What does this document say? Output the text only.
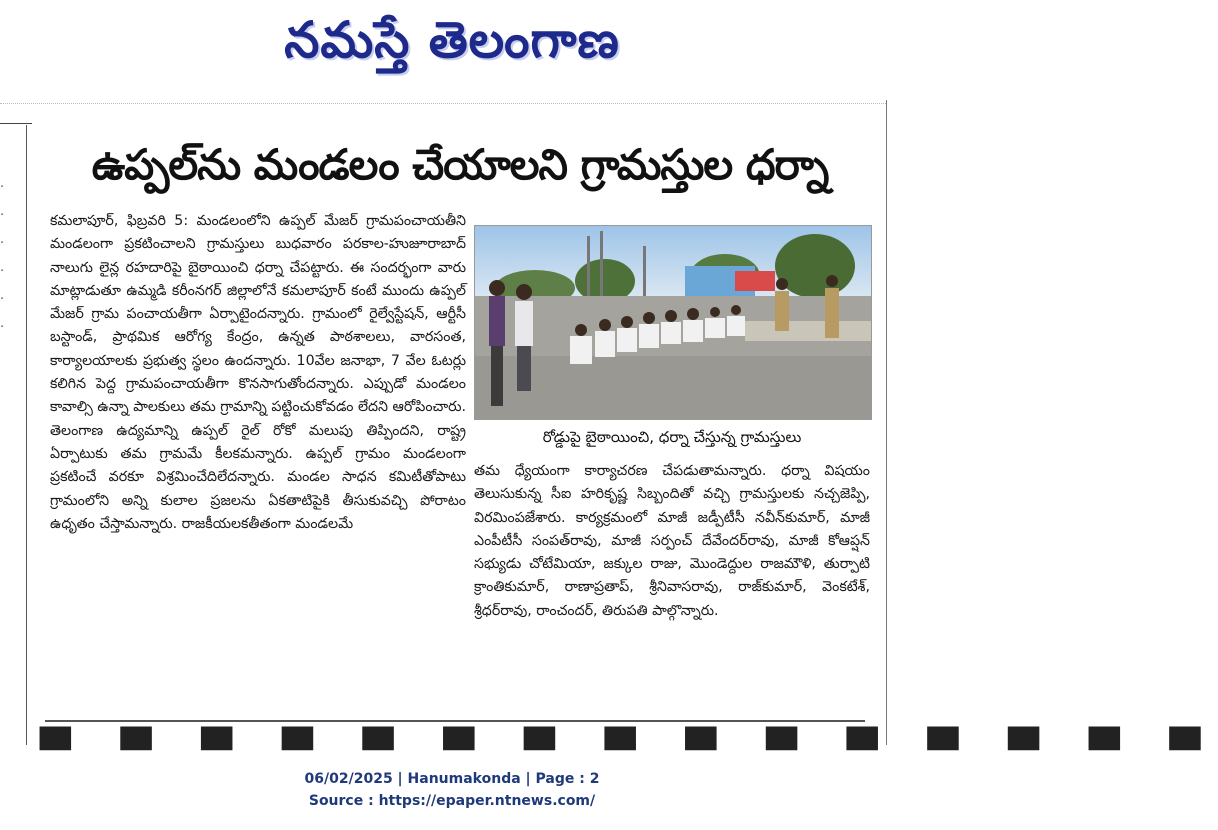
నమస్తే తెలంగాణ
·
·
·
·
·
·
ఉప్పల్‌ను మండలం చేయాలని గ్రామస్తుల ధర్నా
కమలాపూర్, ఫిబ్రవరి 5: మండలంలోని ఉప్పల్ మేజర్ గ్రామపంచాయతీని మండలంగా ప్రకటించాలని గ్రామస్తులు బుధవారం పరకాల-హుజూరాబాద్ నాలుగు లైన్ల రహదారిపై బైఠాయించి ధర్నా చేపట్టారు. ఈ సందర్భంగా వారు మాట్లాడుతూ ఉమ్మడి కరీంనగర్ జిల్లాలోనే కమలాపూర్ కంటే ముందు ఉప్పల్ మేజర్ గ్రామ పంచాయతీగా ఏర్పాటైందన్నారు. గ్రామంలో రైల్వేస్టేషన్, ఆర్టీసీ బస్టాండ్, ప్రాథమిక ఆరోగ్య కేంద్రం, ఉన్నత పాఠశాలలు, వారసంత, కార్యాలయాలకు ప్రభుత్వ స్థలం ఉందన్నారు. 10వేల జనాభా, 7 వేల ఓటర్లు కలిగిన పెద్ద గ్రామపంచాయతీగా కొనసాగుతోందన్నారు. ఎప్పుడో మండలం కావాల్సి ఉన్నా పాలకులు తమ గ్రామాన్ని పట్టించుకోవడం లేదని ఆరోపించారు. తెలంగాణ ఉద్యమాన్ని ఉప్పల్ రైల్ రోకో మలుపు తిప్పిందని, రాష్ట్ర ఏర్పాటుకు తమ గ్రామమే కీలకమన్నారు. ఉప్పల్ గ్రామం మండలంగా ప్రకటించే వరకూ విశ్రమించేదిలేదన్నారు. మండల సాధన కమిటీతోపాటు గ్రామంలోని అన్ని కులాల ప్రజలను ఏకతాటిపైకి తీసుకువచ్చి పోరాటం ఉధృతం చేస్తామన్నారు. రాజకీయలకతీతంగా మండలమే
రోడ్డుపై బైఠాయించి, ధర్నా చేస్తున్న గ్రామస్తులు
తమ ధ్యేయంగా కార్యాచరణ చేపడుతామన్నారు. ధర్నా విషయం తెలుసుకున్న సీఐ హరికృష్ణ సిబ్బందితో వచ్చి గ్రామస్తులకు నచ్చజెప్పి, విరమింపజేశారు. కార్యక్రమంలో మాజీ జడ్పీటీసీ నవీన్‌కుమార్, మాజీ ఎంపీటీసీ సంపత్‌రావు, మాజీ సర్పంచ్ దేవేందర్‌రావు, మాజీ కోఆప్షన్ సభ్యుడు చోటేమియా, జక్కుల రాజు, మొండెద్దుల రాజమౌళి, తుర్పాటి క్రాంతికుమార్, రాణాప్రతాప్, శ్రీనివాసరావు, రాజ్‌కుమార్, వెంకటేశ్, శ్రీధర్‌రావు, రాంచందర్, తిరుపతి పాల్గొన్నారు.
▀ ▀ ▀ ▀ ▀ ▀ ▀ ▀ ▀ ▀ ▀ ▀ ▀ ▀ ▀
06/02/2025 | Hanumakonda | Page : 2
Source : https://epaper.ntnews.com/
